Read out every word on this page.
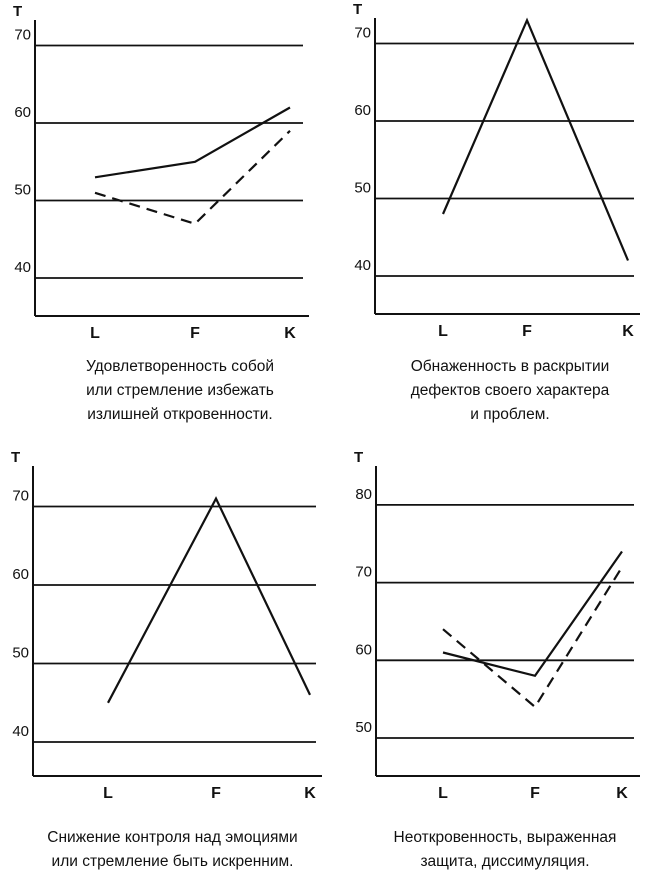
T
40
50
60
70
L	F	K
T
40
50
60
70
L	F	K
T
40
50
60
70
L	F	K
T
50
60
70
80
L	F	K
Удовлетворенность собой
или стремление избежать
излишней откровенности.
Обнаженность в раскрытии
дефектов своего характера
и проблем.
Снижение контроля над эмоциями
или стремление быть искренним.
Неоткровенность, выраженная
защита, диссимуляция.
